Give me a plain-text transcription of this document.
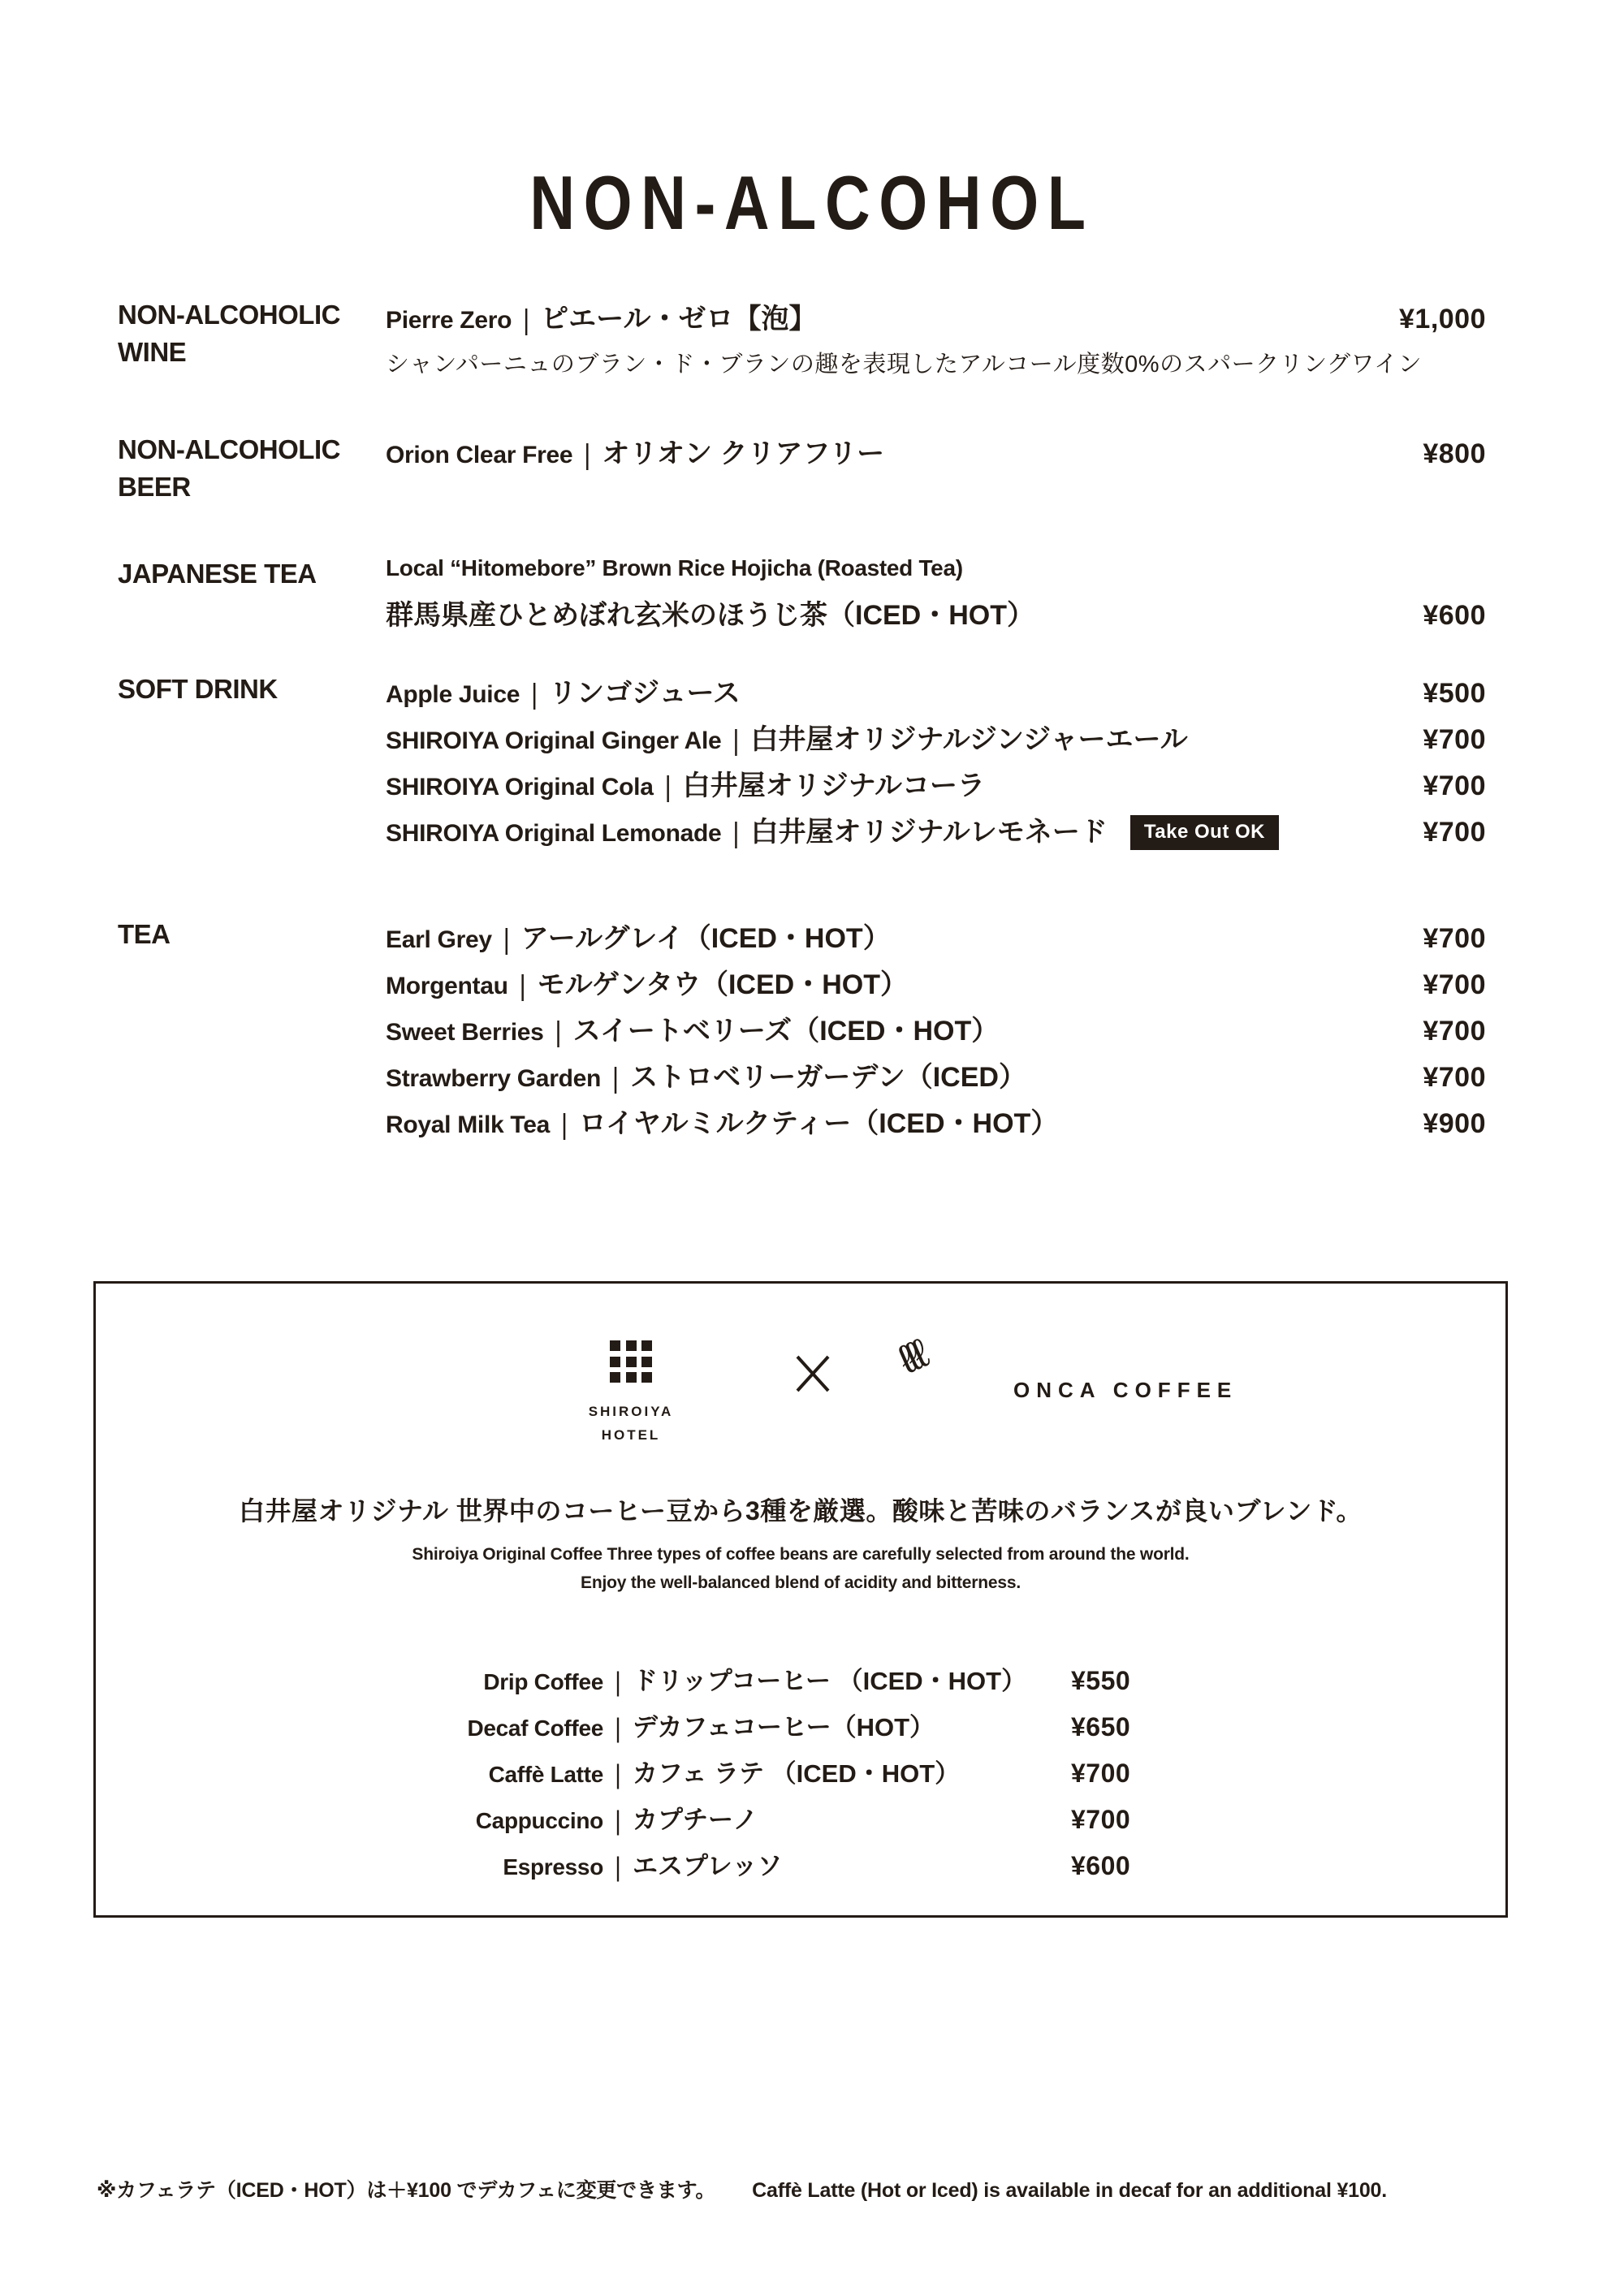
NON-ALCOHOL
NON-ALCOHOLIC
WINE
Pierre Zero | ピエール・ゼロ【泡】	¥1,000
シャンパーニュのブラン・ド・ブランの趣を表現したアルコール度数0%のスパークリングワイン
NON-ALCOHOLIC
BEER
Orion Clear Free | オリオン クリアフリー	¥800
JAPANESE TEA	Local “Hitomebore” Brown Rice Hojicha (Roasted Tea)
群馬県産ひとめぼれ玄米のほうじ茶（ICED・HOT）	¥600
SOFT DRINK	Apple Juice | リンゴジュース	¥500
SHIROIYA Original Ginger Ale | 白井屋オリジナルジンジャーエール	¥700
SHIROIYA Original Cola | 白井屋オリジナルコーラ	¥700
SHIROIYA Original Lemonade | 白井屋オリジナルレモネード	Take Out OK	¥700
TEA	Earl Grey | アールグレイ（ICED・HOT）	¥700
Morgentau | モルゲンタウ（ICED・HOT）	¥700
Sweet Berries | スイートベリーズ（ICED・HOT）	¥700
Strawberry Garden | ストロベリーガーデン（ICED）	¥700
Royal Milk Tea | ロイヤルミルクティー（ICED・HOT）	¥900
SHIROIYA
HOTEL
ℓℓℓ
ONCA COFFEE
白井屋オリジナル 世界中のコーヒー豆から3種を厳選。酸味と苦味のバランスが良いブレンド。
Shiroiya Original Coffee Three types of coffee beans are carefully selected from around the world.
Enjoy the well-balanced blend of acidity and bitterness.
Drip Coffee | ドリップコーヒー （ICED・HOT）	¥550
Decaf Coffee | デカフェコーヒー（HOT）	¥650
Caffè Latte | カフェ ラテ （ICED・HOT）	¥700
Cappuccino | カプチーノ	¥700
Espresso | エスプレッソ	¥600
※カフェラテ（ICED・HOT）は＋¥100 でデカフェに変更できます。 Caffè Latte (Hot or Iced) is available in decaf for an additional ¥100.
